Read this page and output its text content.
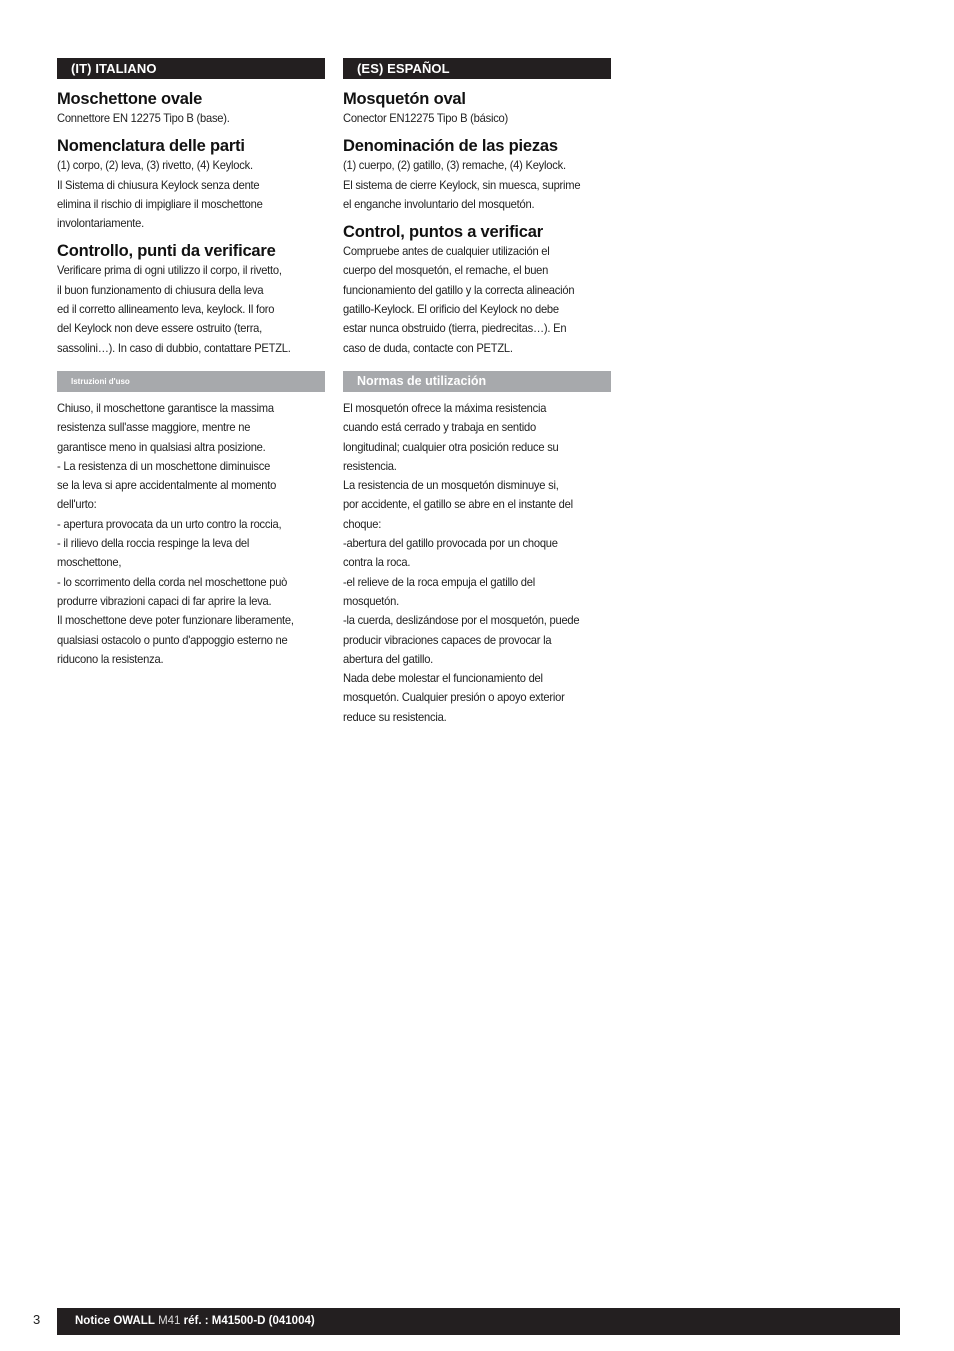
(IT) ITALIANO
Moschettone ovale
Connettore EN 12275 Tipo B (base).
Nomenclatura delle parti
(1) corpo, (2) leva, (3) rivetto, (4) Keylock.
Il Sistema di chiusura Keylock senza dente
elimina il rischio di impigliare il moschettone
involontariamente.
Controllo, punti da verificare
Verificare prima di ogni utilizzo il corpo, il rivetto,
il buon funzionamento di chiusura della leva
ed il corretto allineamento leva, keylock. Il foro
del Keylock non deve essere ostruito (terra,
sassolini…). In caso di dubbio, contattare PETZL.
Istruzioni d'uso
Chiuso, il moschettone garantisce la massima
resistenza sull'asse maggiore, mentre ne
garantisce meno in qualsiasi altra posizione.
- La resistenza di un moschettone diminuisce
se la leva si apre accidentalmente al momento
dell'urto:
- apertura provocata da un urto contro la roccia,
- il rilievo della roccia respinge la leva del
moschettone,
- lo scorrimento della corda nel moschettone può
produrre vibrazioni capaci di far aprire la leva.
Il moschettone deve poter funzionare liberamente,
qualsiasi ostacolo o punto d'appoggio esterno ne
riducono la resistenza.
(ES) ESPAÑOL
Mosquetón oval
Conector EN12275 Tipo B (básico)
Denominación de las piezas
(1) cuerpo, (2) gatillo, (3) remache, (4) Keylock.
El sistema de cierre Keylock, sin muesca, suprime
el enganche involuntario del mosquetón.
Control, puntos a verificar
Compruebe antes de cualquier utilización el
cuerpo del mosquetón, el remache, el buen
funcionamiento del gatillo y la correcta alineación
gatillo-Keylock. El orificio del Keylock no debe
estar nunca obstruido (tierra, piedrecitas…). En
caso de duda, contacte con PETZL.
Normas de utilización
El mosquetón ofrece la máxima resistencia
cuando está cerrado y trabaja en sentido
longitudinal; cualquier otra posición reduce su
resistencia.
La resistencia de un mosquetón disminuye si,
por accidente, el gatillo se abre en el instante del
choque:
-abertura del gatillo provocada por un choque
contra la roca.
-el relieve de la roca empuja el gatillo del
mosquetón.
-la cuerda, deslizándose por el mosquetón, puede
producir vibraciones capaces de provocar la
abertura del gatillo.
Nada debe molestar el funcionamiento del
mosquetón. Cualquier presión o apoyo exterior
reduce su resistencia.
3	Notice OWALL M41 réf. : M41500-D (041004)
